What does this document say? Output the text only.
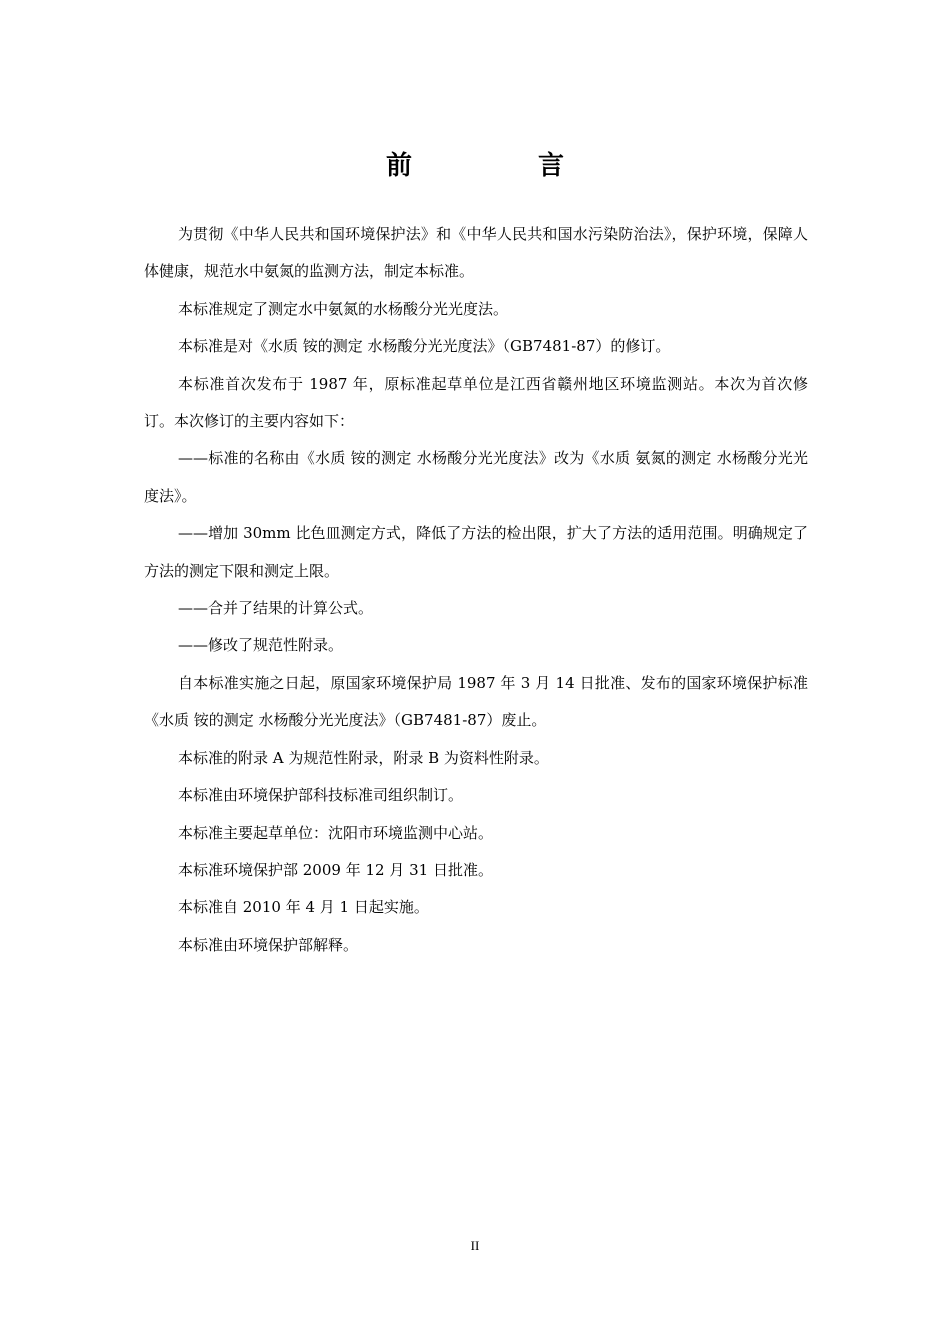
前　言

为贯彻《中华人民共和国环境保护法》和《中华人民共和国水污染防治法》，保护环境，保障人体健康，规范水中氨氮的监测方法，制定本标准。

本标准规定了测定水中氨氮的水杨酸分光光度法。

本标准是对《水质 铵的测定 水杨酸分光光度法》（GB7481-87）的修订。

本标准首次发布于 1987 年，原标准起草单位是江西省赣州地区环境监测站。本次为首次修订。本次修订的主要内容如下：

——标准的名称由《水质 铵的测定 水杨酸分光光度法》改为《水质 氨氮的测定 水杨酸分光光度法》。

——增加 30mm 比色皿测定方式，降低了方法的检出限，扩大了方法的适用范围。明确规定了方法的测定下限和测定上限。

——合并了结果的计算公式。

——修改了规范性附录。

自本标准实施之日起，原国家环境保护局 1987 年 3 月 14 日批准、发布的国家环境保护标准《水质 铵的测定 水杨酸分光光度法》（GB7481-87）废止。

本标准的附录 A 为规范性附录，附录 B 为资料性附录。

本标准由环境保护部科技标准司组织制订。

本标准主要起草单位：沈阳市环境监测中心站。

本标准环境保护部 2009 年 12 月 31 日批准。

本标准自 2010 年 4 月 1 日起实施。

本标准由环境保护部解释。

II
